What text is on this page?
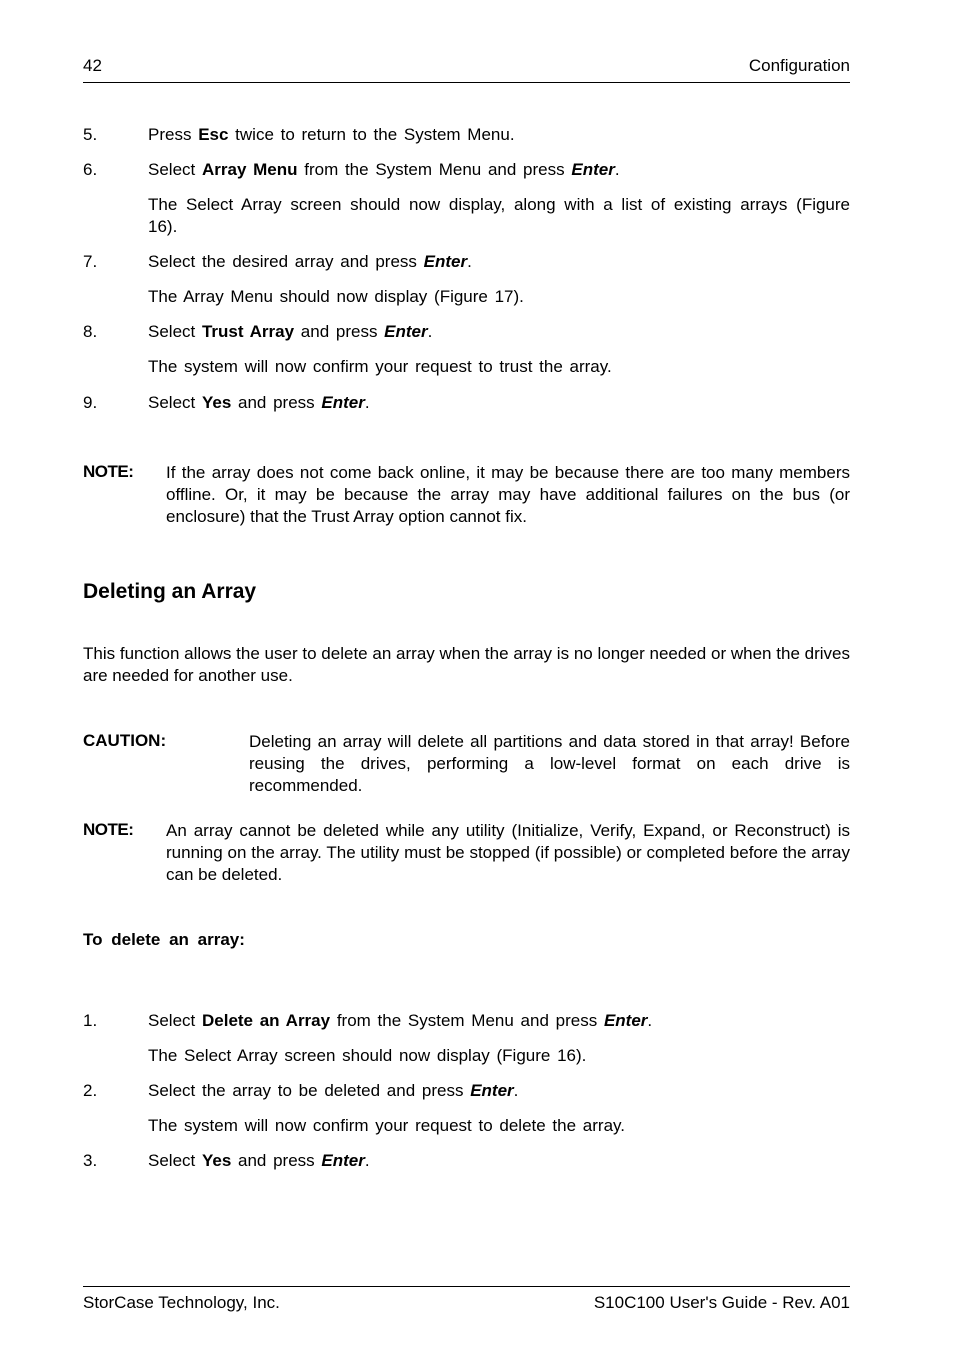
42	Configuration
5.	Press Esc twice to return to the System Menu.
6.	Select Array Menu from the System Menu and press Enter.
The Select Array screen should now display, along with a list of existing arrays (Figure 16).
7.	Select the desired array and press Enter.
The Array Menu should now display (Figure 17).
8.	Select Trust Array and press Enter.
The system will now confirm your request to trust the array.
9.	Select Yes and press Enter.
NOTE: If the array does not come back online, it may be because there are too many members offline. Or, it may be because the array may have additional failures on the bus (or enclosure) that the Trust Array option cannot fix.
Deleting an Array
This function allows the user to delete an array when the array is no longer needed or when the drives are needed for another use.
CAUTION:	Deleting an array will delete all partitions and data stored in that array! Before reusing the drives, performing a low-level format on each drive is recommended.
NOTE: An array cannot be deleted while any utility (Initialize, Verify, Expand, or Reconstruct) is running on the array. The utility must be stopped (if possible) or completed before the array can be deleted.
To delete an array:
1.	Select Delete an Array from the System Menu and press Enter.
The Select Array screen should now display (Figure 16).
2.	Select the array to be deleted and press Enter.
The system will now confirm your request to delete the array.
3.	Select Yes and press Enter.
StorCase Technology, Inc.	S10C100 User's Guide - Rev. A01
